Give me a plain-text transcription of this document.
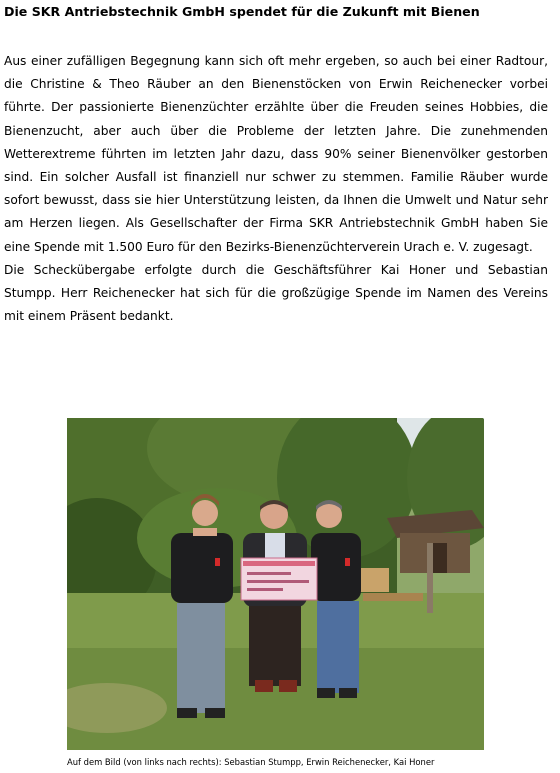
Die SKR Antriebstechnik GmbH spendet für die Zukunft mit Bienen

Aus einer zufälligen Begegnung kann sich oft mehr ergeben, so auch bei einer Radtour, die Christine & Theo Räuber an den Bienenstöcken von Erwin Reichenecker vorbei führte. Der passionierte Bienenzüchter erzählte über die Freuden seines Hobbies, die Bienenzucht, aber auch über die Probleme der letzten Jahre. Die zunehmenden Wetterextreme führten im letzten Jahr dazu, dass 90% seiner Bienenvölker gestorben sind. Ein solcher Ausfall ist finanziell nur schwer zu stemmen. Familie Räuber wurde sofort bewusst, dass sie hier Unterstützung leisten, da Ihnen die Umwelt und Natur sehr am Herzen liegen. Als Gesellschafter der Firma SKR Antriebstechnik GmbH haben Sie eine Spende mit 1.500 Euro für den Bezirks-Bienenzüchterverein Urach e. V. zugesagt.

Die Scheckübergabe erfolgte durch die Geschäftsführer Kai Honer und Sebastian Stumpp. Herr Reichenecker hat sich für die großzügige Spende im Namen des Vereins mit einem Präsent bedankt.

Auf dem Bild (von links nach rechts): Sebastian Stumpp, Erwin Reichenecker, Kai Honer
